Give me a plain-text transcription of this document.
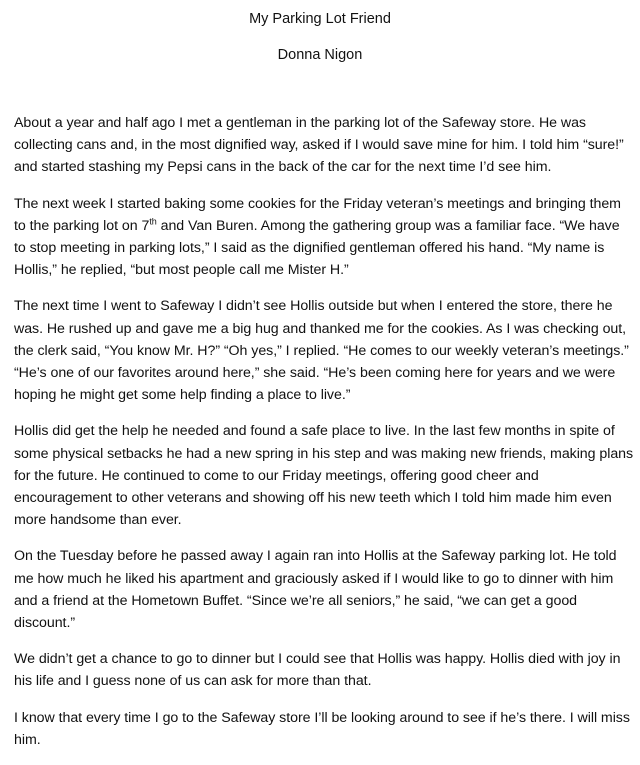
My Parking Lot Friend
Donna Nigon

About a year and half ago I met a gentleman in the parking lot of the Safeway store. He was collecting cans and, in the most dignified way, asked if I would save mine for him. I told him “sure!” and started stashing my Pepsi cans in the back of the car for the next time I’d see him.

The next week I started baking some cookies for the Friday veteran’s meetings and bringing them to the parking lot on 7th and Van Buren. Among the gathering group was a familiar face. “We have to stop meeting in parking lots,” I said as the dignified gentleman offered his hand. “My name is Hollis,” he replied, “but most people call me Mister H.”

The next time I went to Safeway I didn’t see Hollis outside but when I entered the store, there he was. He rushed up and gave me a big hug and thanked me for the cookies. As I was checking out, the clerk said, “You know Mr. H?” “Oh yes,” I replied. “He comes to our weekly veteran’s meetings.” “He’s one of our favorites around here,” she said. “He’s been coming here for years and we were hoping he might get some help finding a place to live.”

Hollis did get the help he needed and found a safe place to live. In the last few months in spite of some physical setbacks he had a new spring in his step and was making new friends, making plans for the future. He continued to come to our Friday meetings, offering good cheer and encouragement to other veterans and showing off his new teeth which I told him made him even more handsome than ever.

On the Tuesday before he passed away I again ran into Hollis at the Safeway parking lot. He told me how much he liked his apartment and graciously asked if I would like to go to dinner with him and a friend at the Hometown Buffet. “Since we’re all seniors,” he said, “we can get a good discount.”

We didn’t get a chance to go to dinner but I could see that Hollis was happy. Hollis died with joy in his life and I guess none of us can ask for more than that.

I know that every time I go to the Safeway store I’ll be looking around to see if he’s there. I will miss him.
